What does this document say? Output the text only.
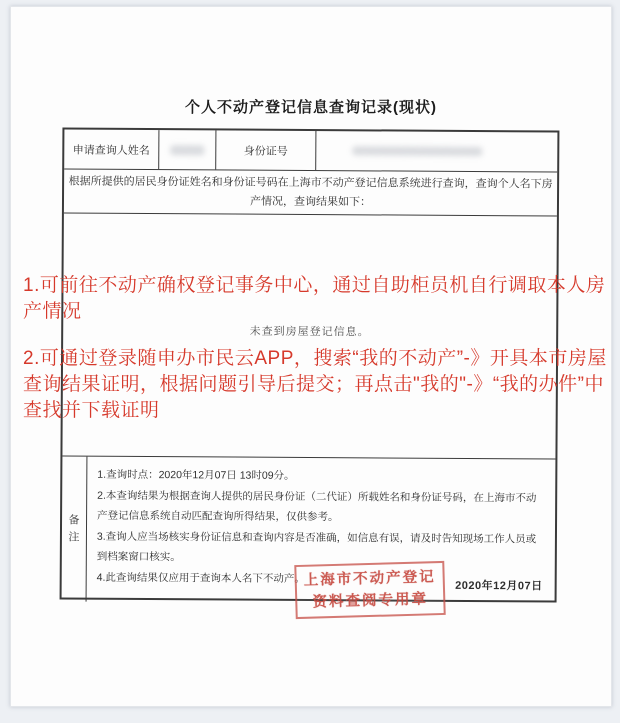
个人不动产登记信息查询记录(现状)
申请查询人姓名	身份证号
根据所提供的居民身份证姓名和身份证号码在上海市不动产登记信息系统进行查询，查询个人名下房产情况，查询结果如下：
未查到房屋登记信息。
备注
1.查询时点：2020年12月07日 13时09分。
2.本查询结果为根据查询人提供的居民身份证（二代证）所载姓名和身份证号码，在上海市不动产登记信息系统自动匹配查询所得结果，仅供参考。
3.查询人应当场核实身份证信息和查询内容是否准确，如信息有误，请及时告知现场工作人员或到档案窗口核实。
4.此查询结果仅应用于查询本人名下不动产。
2020年12月07日
上海市不动产登记
资料查阅专用章
1.可前往不动产确权登记事务中心，通过自助柜员机自行调取本人房产情况
2.可通过登录随申办市民云APP，搜索“我的不动产”-》开具本市房屋查询结果证明，根据问题引导后提交；再点击"我的"-》“我的办件”中查找并下载证明
